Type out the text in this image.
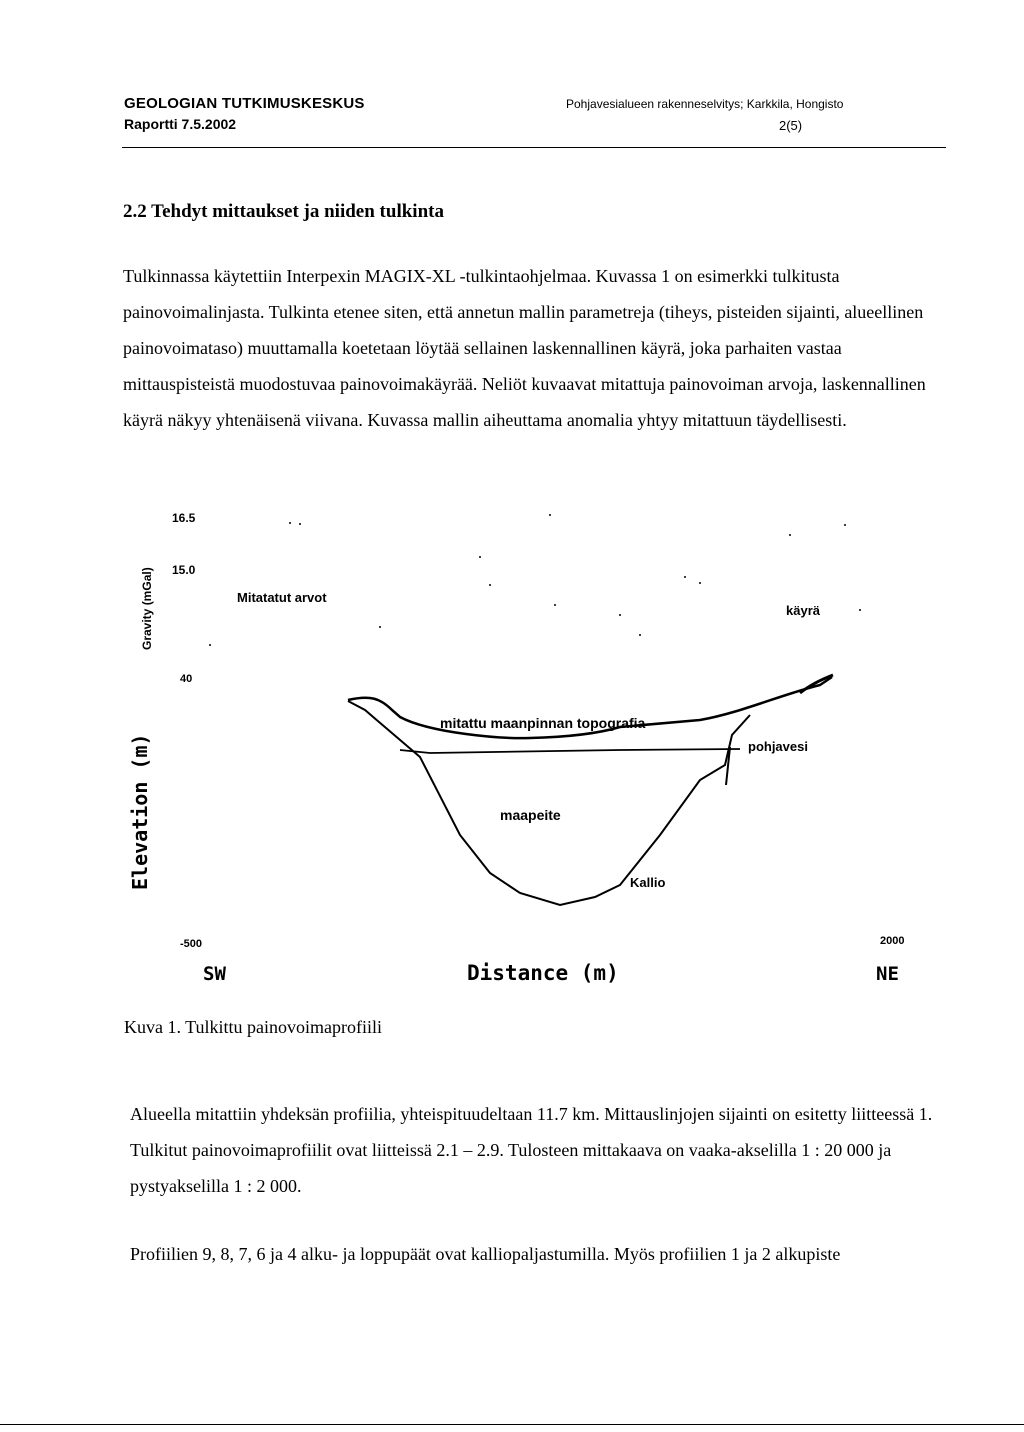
GEOLOGIAN TUTKIMUSKESKUS
Raportti 7.5.2002
Pohjavesialueen rakenneselvitys; Karkkila, Hongisto
2(5)
2.2 Tehdyt mittaukset ja niiden tulkinta

Tulkinnassa käytettiin Interpexin MAGIX-XL -tulkintaohjelmaa. Kuvassa 1 on esimerkki tulkitusta painovoimalinjasta. Tulkinta etenee siten, että annetun mallin parametreja (tiheys, pisteiden sijainti, alueellinen painovoimataso) muuttamalla koetetaan löytää sellainen laskennallinen käyrä, joka parhaiten vastaa mittauspisteistä muodostuvaa painovoimakäyrää. Neliöt kuvaavat mitattuja painovoiman arvoja, laskennallinen käyrä näkyy yhtenäisenä viivana. Kuvassa mallin aiheuttama anomalia yhtyy mitattuun täydellisesti.

Gravity (mGal)
16.5
15.0
Mitatatut arvot
käyrä
Elevation (m)
40
mitattu maanpinnan topografia
pohjavesi
maapeite
Kallio
-500	2000
SW	Distance (m)	NE
Kuva 1. Tulkittu painovoimaprofiili

Alueella mitattiin yhdeksän profiilia, yhteispituudeltaan 11.7 km. Mittauslinjojen sijainti on esitetty liitteessä 1. Tulkitut painovoimaprofiilit ovat liitteissä 2.1 – 2.9. Tulosteen mittakaava on vaaka-akselilla 1 : 20 000 ja pystyakselilla 1 : 2 000.

Profiilien 9, 8, 7, 6 ja 4 alku- ja loppupäät ovat kalliopaljastumilla. Myös profiilien 1 ja 2 alkupiste
